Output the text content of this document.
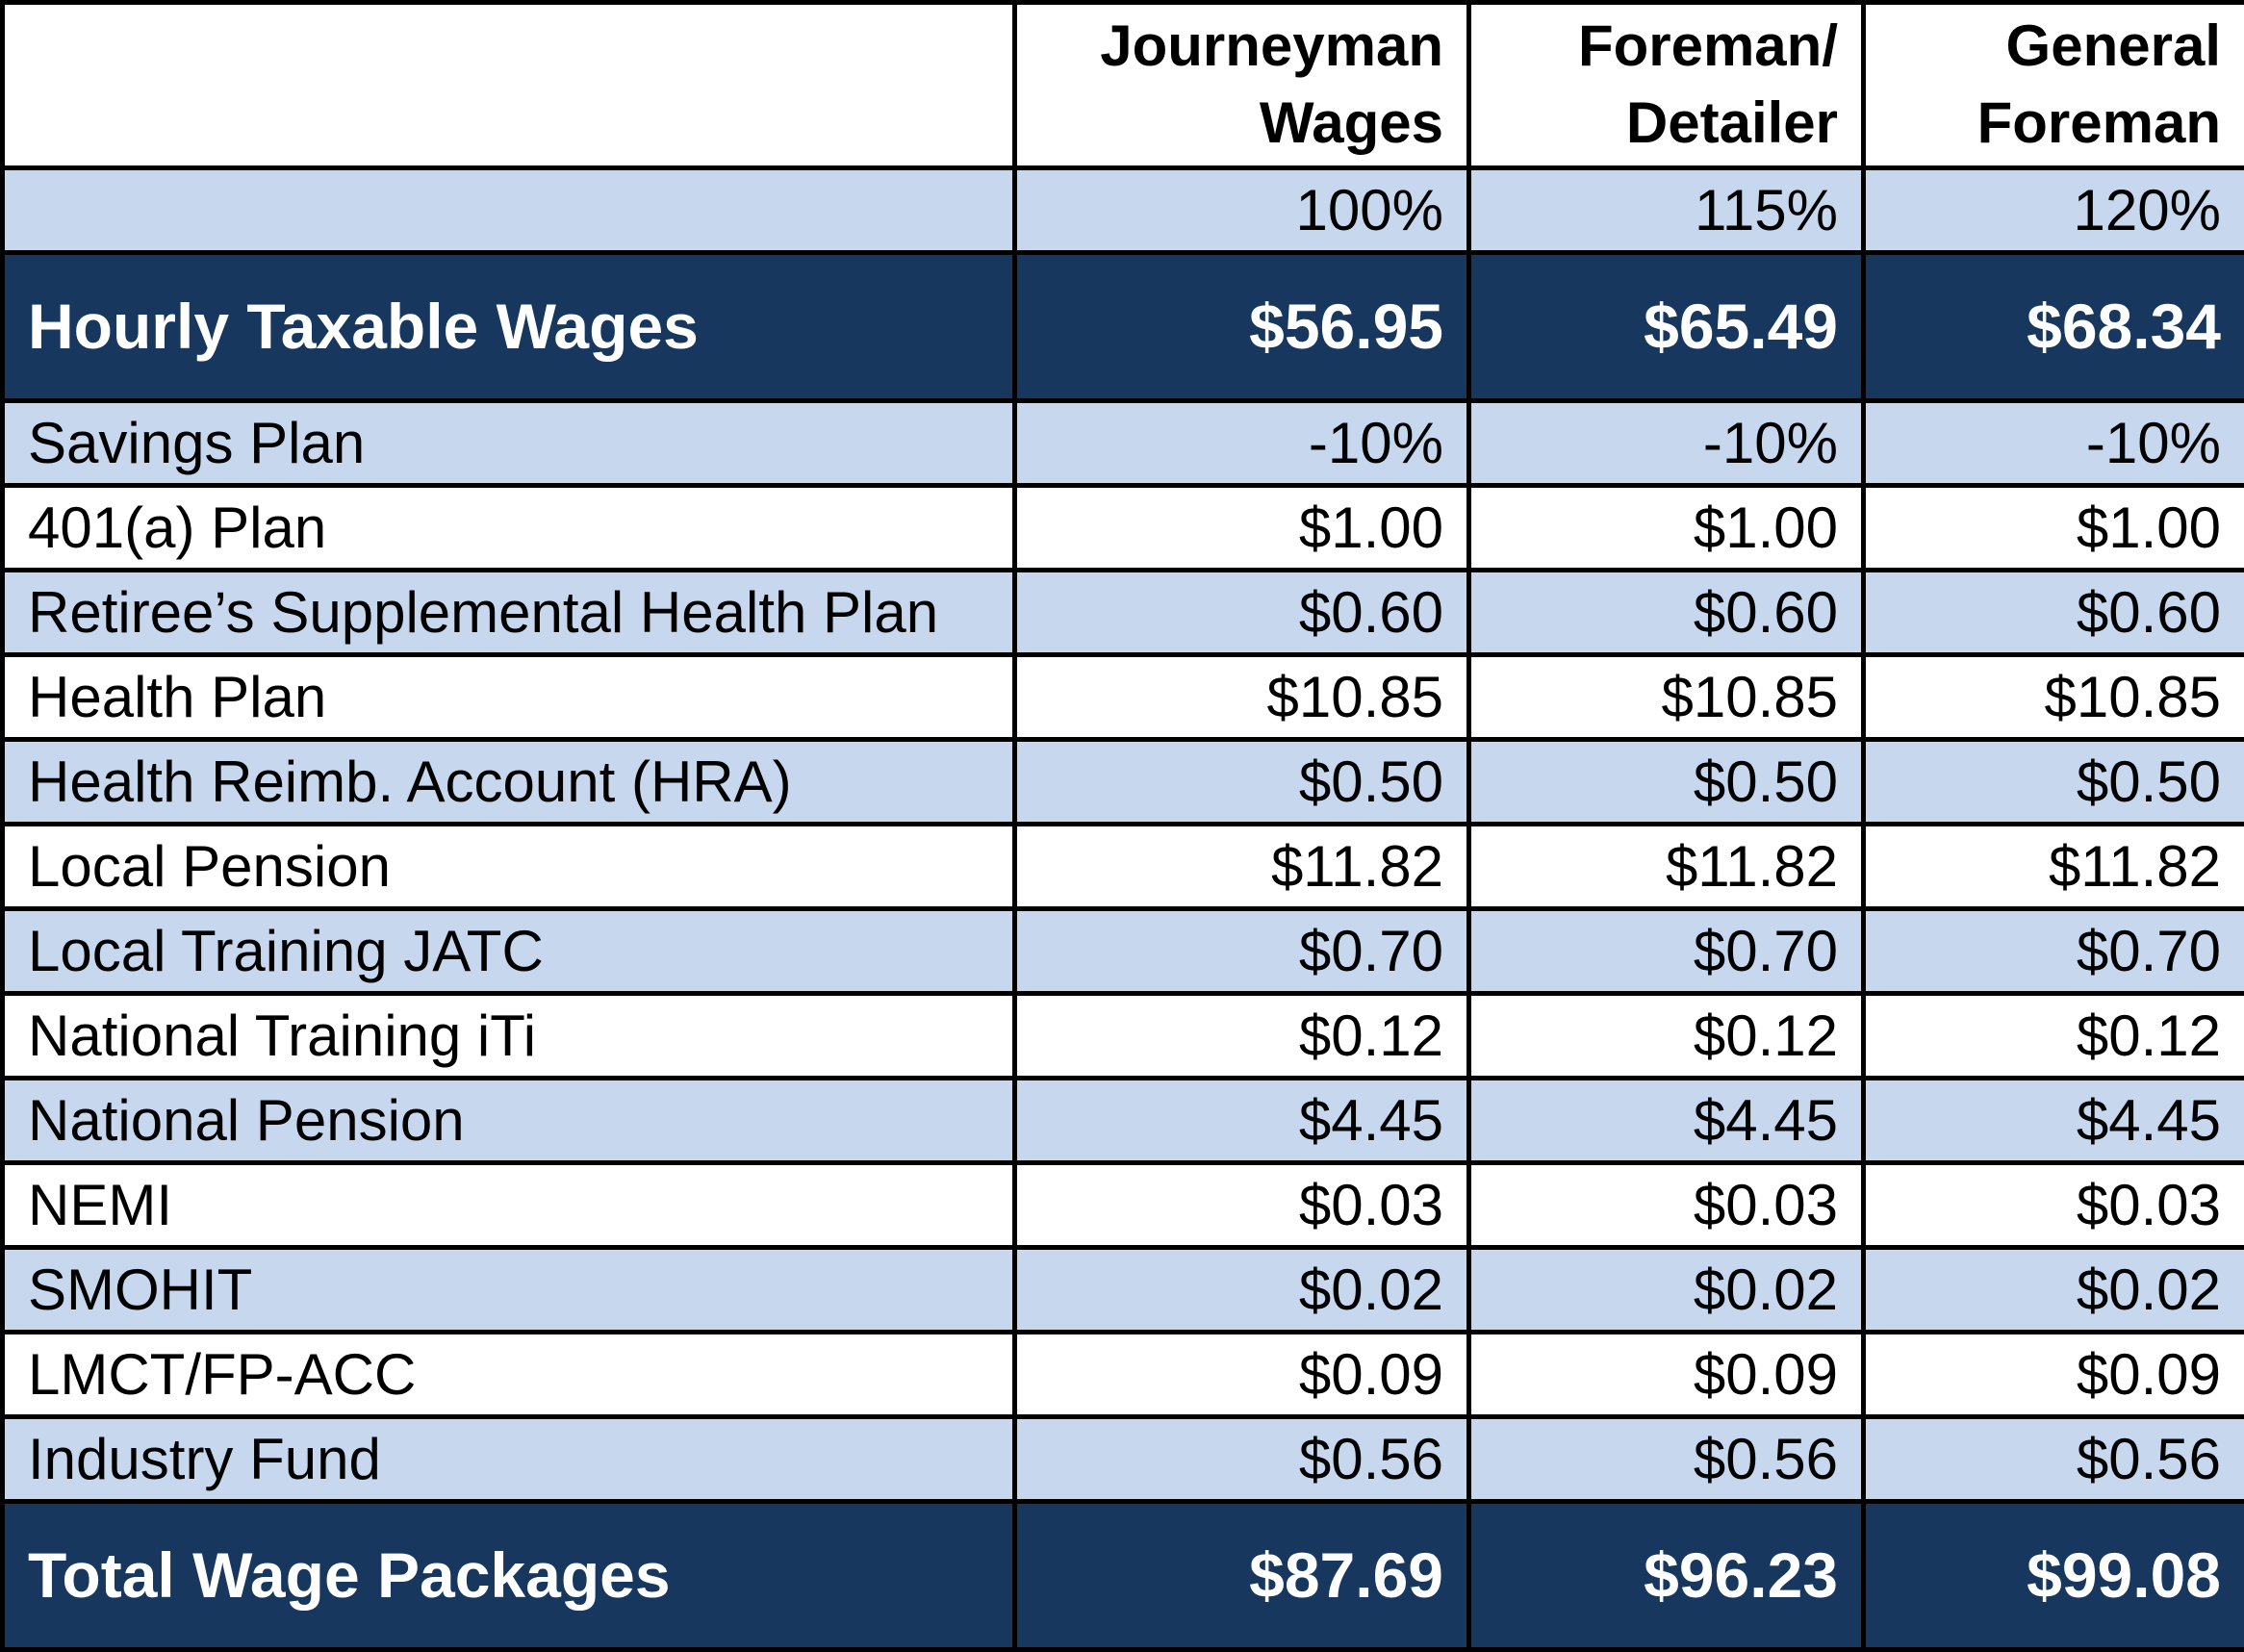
	Journeyman Wages	Foreman/ Detailer	General Foreman
	100%	115%	120%
Hourly Taxable Wages	$56.95	$65.49	$68.34
Savings Plan	-10%	-10%	-10%
401(a) Plan	$1.00	$1.00	$1.00
Retiree’s Supplemental Health Plan	$0.60	$0.60	$0.60
Health Plan	$10.85	$10.85	$10.85
Health Reimb. Account (HRA)	$0.50	$0.50	$0.50
Local Pension	$11.82	$11.82	$11.82
Local Training JATC	$0.70	$0.70	$0.70
National Training iTi	$0.12	$0.12	$0.12
National Pension	$4.45	$4.45	$4.45
NEMI	$0.03	$0.03	$0.03
SMOHIT	$0.02	$0.02	$0.02
LMCT/FP-ACC	$0.09	$0.09	$0.09
Industry Fund	$0.56	$0.56	$0.56
Total Wage Packages	$87.69	$96.23	$99.08
